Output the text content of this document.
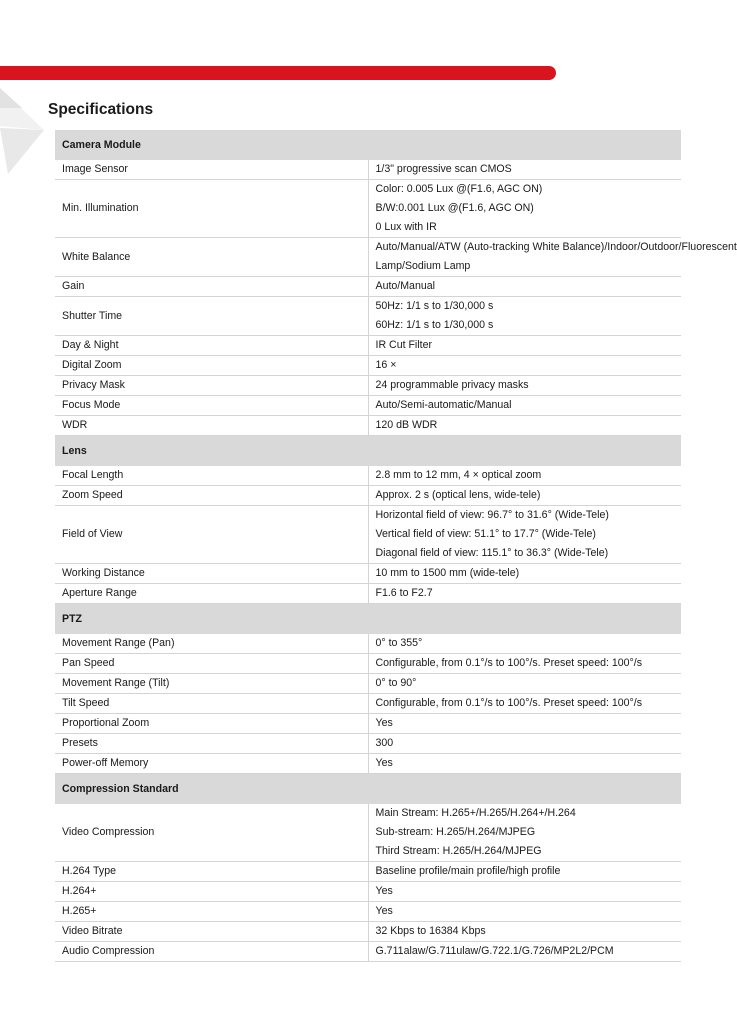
Specifications
Camera Module	
Image Sensor	1/3" progressive scan CMOS

Min. Illumination	Color: 0.005 Lux @(F1.6, AGC ON)
B/W:0.001 Lux @(F1.6, AGC ON)
0 Lux with IR

White Balance	Auto/Manual/ATW (Auto-tracking White Balance)/Indoor/Outdoor/Fluorescent
Lamp/Sodium Lamp

Gain	Auto/Manual

Shutter Time	50Hz: 1/1 s to 1/30,000 s
60Hz: 1/1 s to 1/30,000 s

Day & Night	IR Cut Filter

Digital Zoom	16 ×

Privacy Mask	24 programmable privacy masks

Focus Mode	Auto/Semi-automatic/Manual

WDR	120 dB WDR

Lens	
Focal Length	2.8 mm to 12 mm, 4 × optical zoom

Zoom Speed	Approx. 2 s (optical lens, wide-tele)

Field of View	Horizontal field of view: 96.7° to 31.6° (Wide-Tele)
Vertical field of view: 51.1° to 17.7° (Wide-Tele)
Diagonal field of view: 115.1° to 36.3° (Wide-Tele)

Working Distance	10 mm to 1500 mm (wide-tele)

Aperture Range	F1.6 to F2.7

PTZ	
Movement Range (Pan)	0° to 355°

Pan Speed	Configurable, from 0.1°/s to 100°/s. Preset speed: 100°/s

Movement Range (Tilt)	0° to 90°

Tilt Speed	Configurable, from 0.1°/s to 100°/s. Preset speed: 100°/s

Proportional Zoom	Yes

Presets	300

Power-off Memory	Yes

Compression Standard	
Video Compression	Main Stream: H.265+/H.265/H.264+/H.264
Sub-stream: H.265/H.264/MJPEG
Third Stream: H.265/H.264/MJPEG

H.264 Type	Baseline profile/main profile/high profile

H.264+	Yes

H.265+	Yes

Video Bitrate	32 Kbps to 16384 Kbps

Audio Compression	G.711alaw/G.711ulaw/G.722.1/G.726/MP2L2/PCM
